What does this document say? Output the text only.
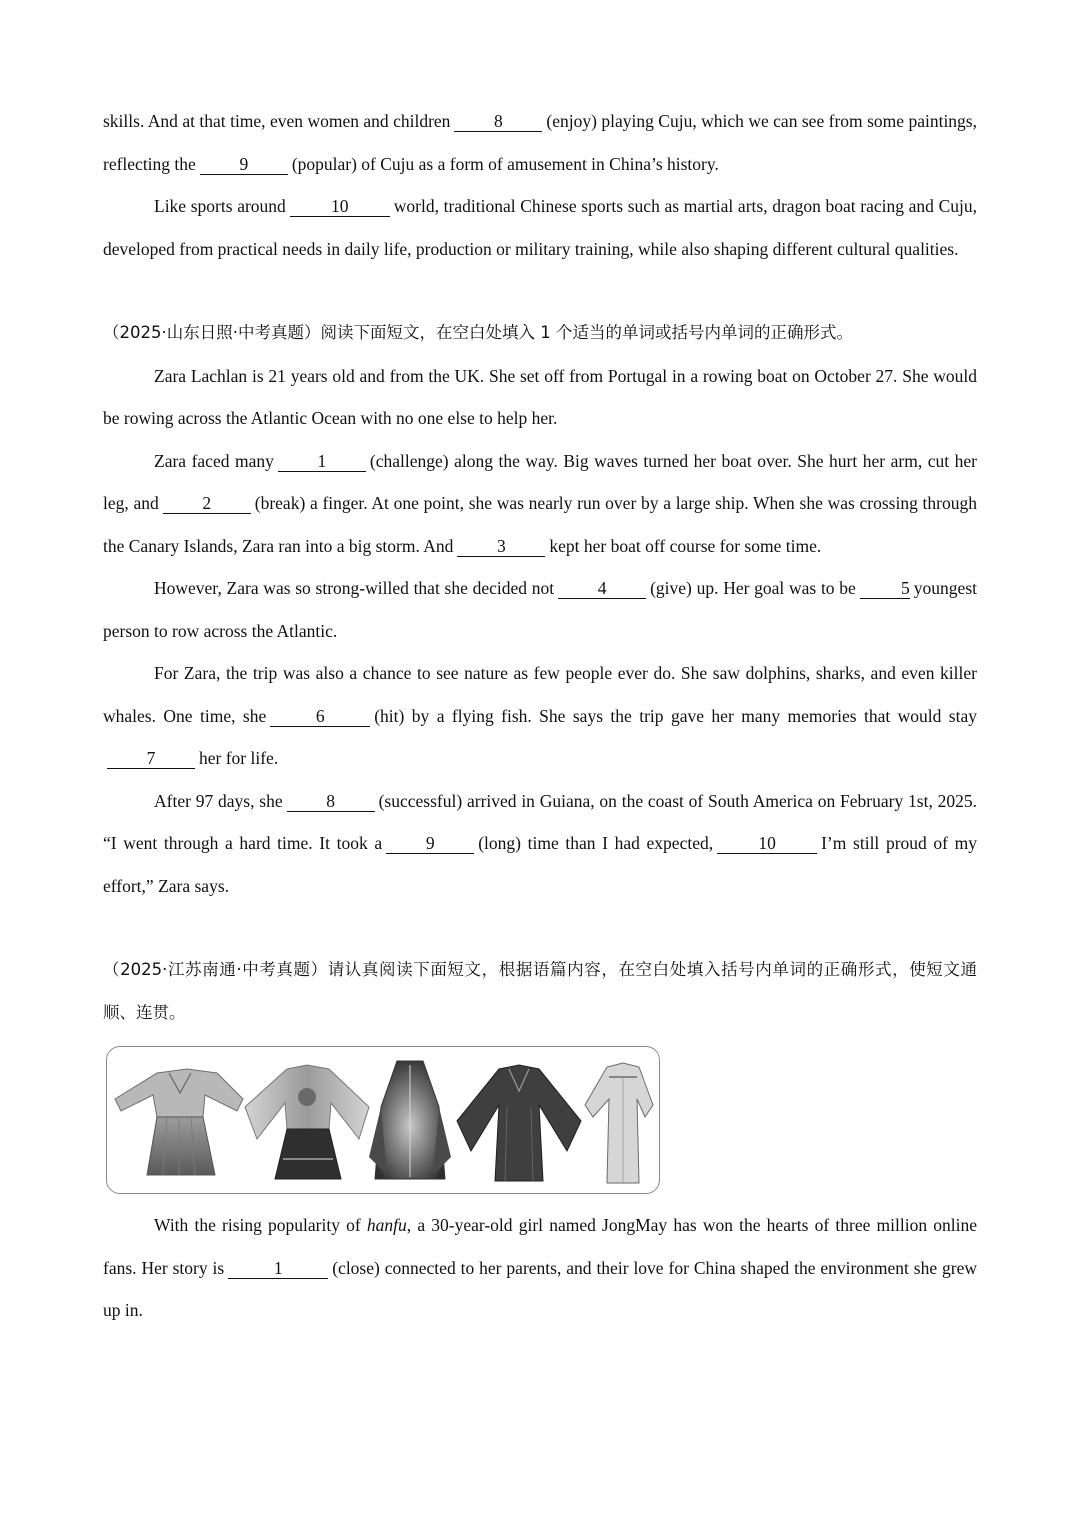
skills. And at that time, even women and children 8 (enjoy) playing Cuju, which we can see from some paintings, reflecting the 9 (popular) of Cuju as a form of amusement in China’s history.

Like sports around	10	world, traditional Chinese sports such as martial arts, dragon boat racing and Cuju, developed from practical needs in daily life, production or military training, while also shaping different cultural qualities.

（2025·山东日照·中考真题）阅读下面短文，在空白处填入 1 个适当的单词或括号内单词的正确形式。

Zara Lachlan is 21 years old and from the UK. She set off from Portugal in a rowing boat on October 27. She would be rowing across the Atlantic Ocean with no one else to help her.

Zara faced many 1 (challenge) along the way. Big waves turned her boat over. She hurt her arm, cut her leg, and 2 (break) a finger. At one point, she was nearly run over by a large ship. When she was crossing through the Canary Islands, Zara ran into a big storm. And 3 kept her boat off course for some time.

However, Zara was so strong-willed that she decided not 4 (give) up. Her goal was to be	5 youngest person to row across the Atlantic.

For Zara, the trip was also a chance to see nature as few people ever do. She saw dolphins, sharks, and even killer whales. One time, she	6	(hit) by a flying fish. She says the trip gave her many memories that would stay7 her for life.

After 97 days, she 8 (successful) arrived in Guiana, on the coast of South America on February 1st, 2025. “I went through a hard time. It took a 9 (long) time than I had expected,	10	I’m still proud of my effort,” Zara says.

（2025·江苏南通·中考真题）请认真阅读下面短文，根据语篇内容，在空白处填入括号内单词的正确形式，使短文通顺、连贯。

With the rising popularity of hanfu, a 30-year-old girl named JongMay has won the hearts of three million online fans. Her story is	1	(close) connected to her parents, and their love for China shaped the environment she grew up in.
